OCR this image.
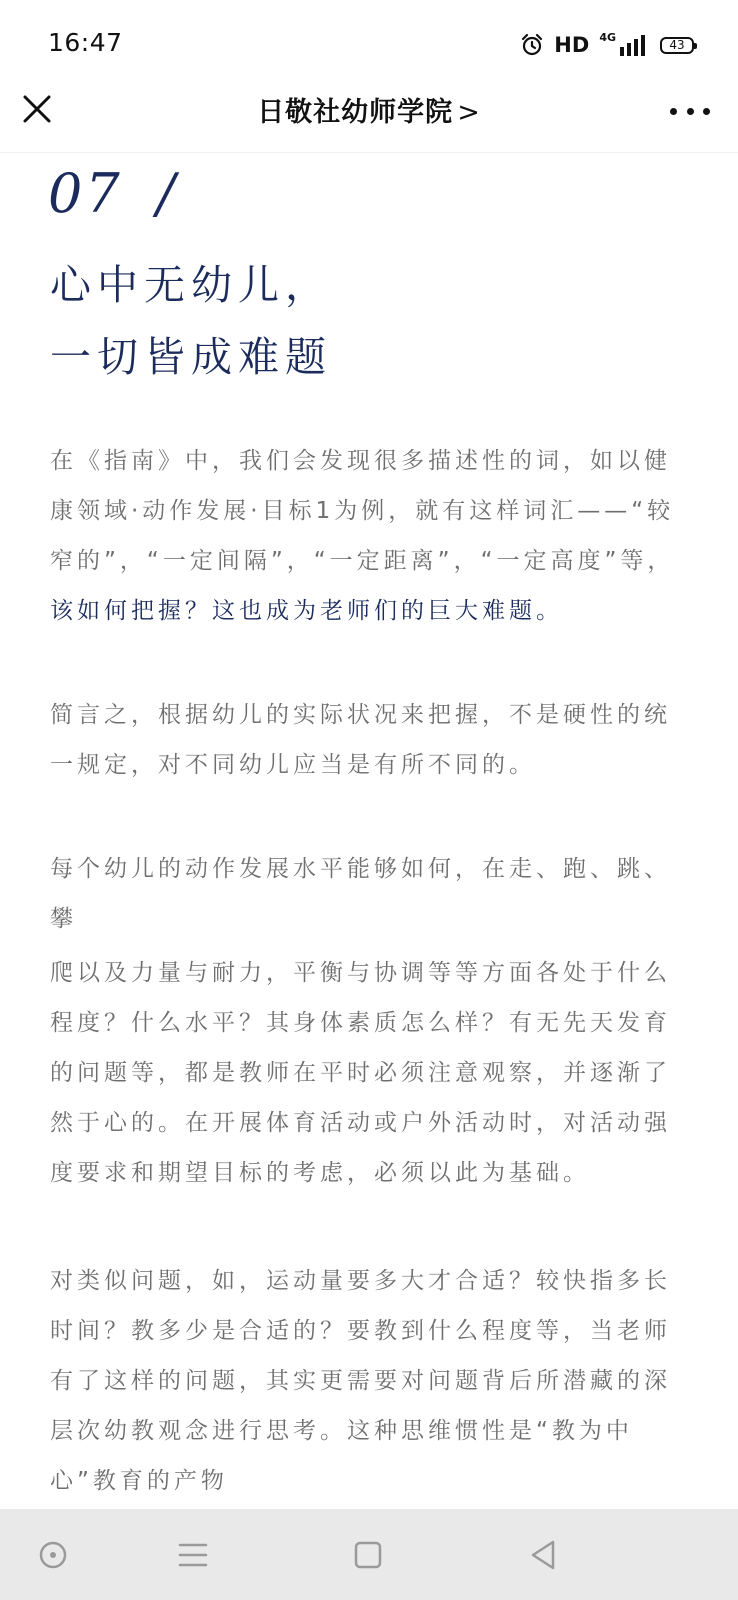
16:47	HD 4G
43
日敬社幼师学院 >
07 /
心中无幼儿，
一切皆成难题

在《指南》中，我们会发现很多描述性的词，如以健康领域·动作发展·目标1为例，就有这样词汇——“较窄的”，“一定间隔”，“一定距离”，“一定高度”等，该如何把握？这也成为老师们的巨大难题。

简言之，根据幼儿的实际状况来把握，不是硬性的统一规定，对不同幼儿应当是有所不同的。

每个幼儿的动作发展水平能够如何，在走、跑、跳、攀

爬以及力量与耐力，平衡与协调等等方面各处于什么程度？什么水平？其身体素质怎么样？有无先天发育的问题等，都是教师在平时必须注意观察，并逐渐了然于心的。在开展体育活动或户外活动时，对活动强度要求和期望目标的考虑，必须以此为基础。

对类似问题，如，运动量要多大才合适？较快指多长时间？教多少是合适的？要教到什么程度等，当老师有了这样的问题，其实更需要对问题背后所潜藏的深层次幼教观念进行思考。这种思维惯性是“教为中心”教育的产物
